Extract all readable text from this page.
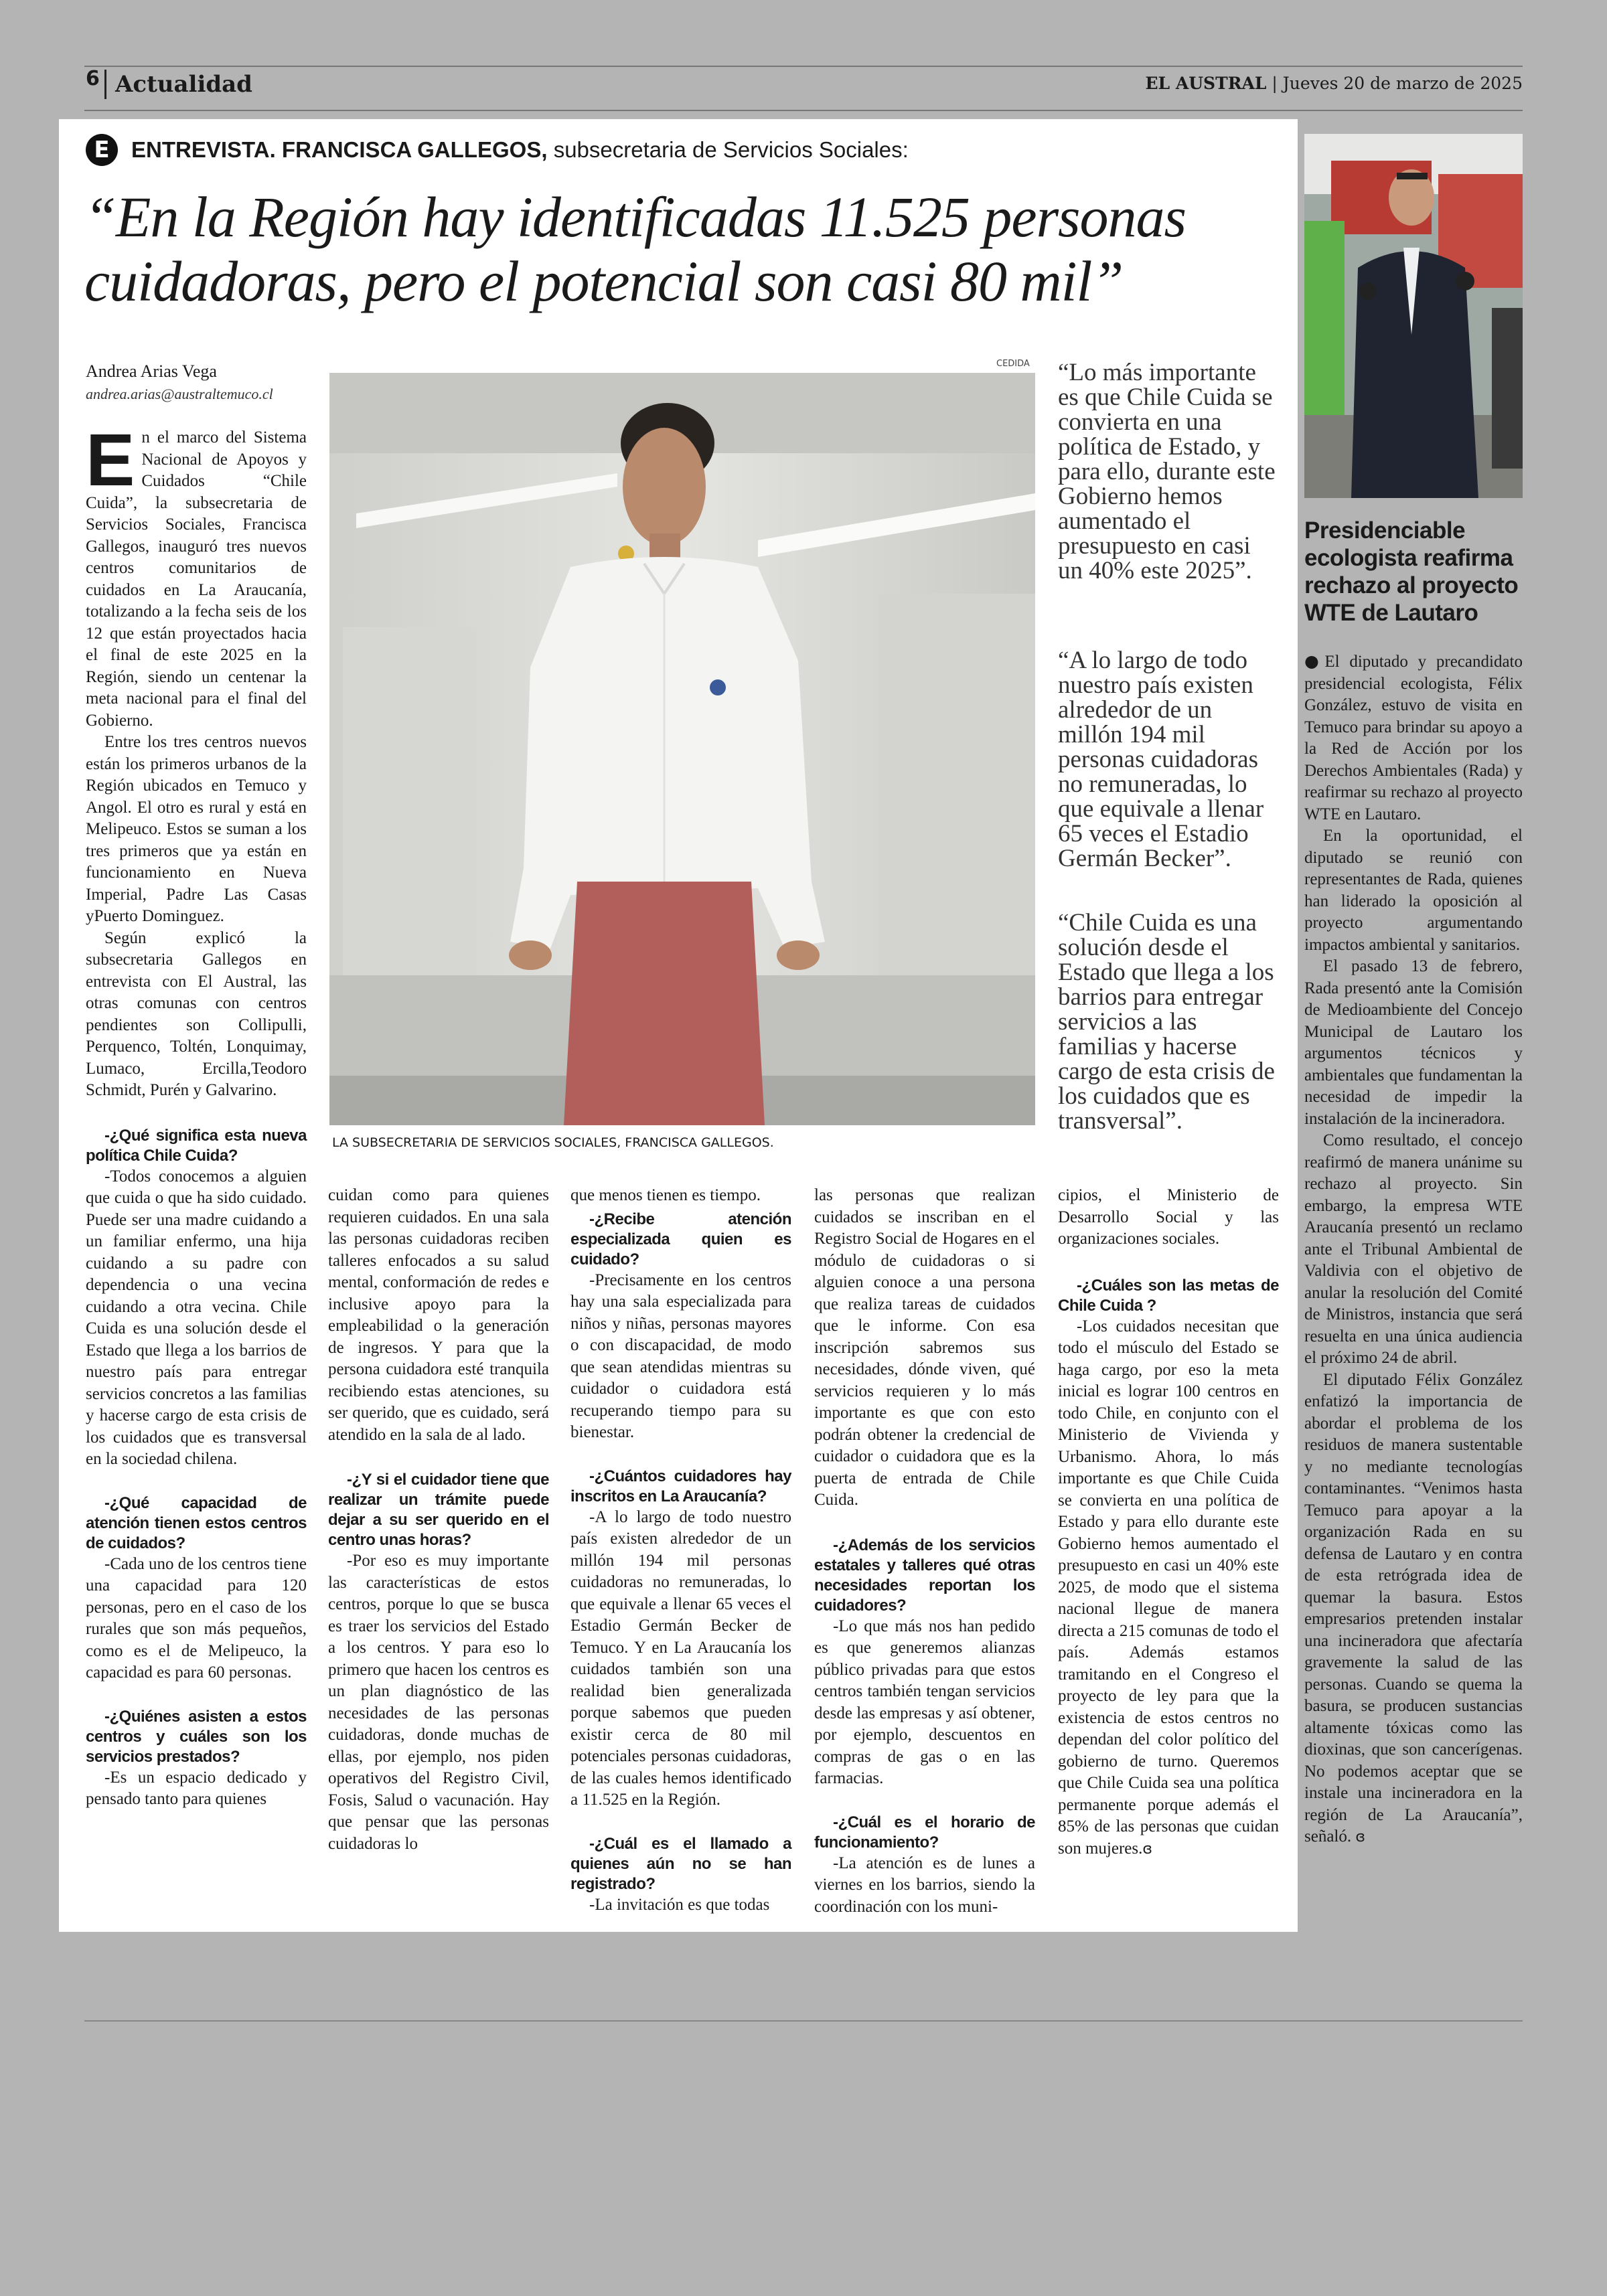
6 Actualidad	EL AUSTRAL | Jueves 20 de marzo de 2025
E ENTREVISTA. FRANCISCA GALLEGOS, subsecretaria de Servicios Sociales:
“En la Región hay identificadas 11.525 personas
cuidadoras, pero el potencial son casi 80 mil”
Andrea Arias Vega
andrea.arias@australtemuco.cl
CEDIDA
LA SUBSECRETARIA DE SERVICIOS SOCIALES, FRANCISCA GALLEGOS.
“Lo más importante es que Chile Cuida se convierta en una política de Estado, y para ello, durante este Gobierno hemos aumentado el presupuesto en casi un 40% este 2025”.
“A lo largo de todo nuestro país existen alrededor de un millón 194 mil personas cuidadoras no remuneradas, lo que equivale a llenar 65 veces el Estadio Germán Becker”.
“Chile Cuida es una solución desde el Estado que llega a los barrios para entregar servicios a las familias y hacerse cargo de esta crisis de los cuidados que es transversal”.

En el marco del Sistema Nacional de Apoyos y Cuidados “Chile Cuida”, la subsecretaria de Servicios Sociales, Francisca Gallegos, inauguró tres nuevos centros comunitarios de cuidados en La Araucanía, totalizando a la fecha seis de los 12 que están proyectados hacia el final de este 2025 en la Región, siendo un centenar la meta nacional para el final del Gobierno.

Entre los tres centros nuevos están los primeros urbanos de la Región ubicados en Temuco y Angol. El otro es rural y está en Melipeuco. Estos se suman a los tres primeros que ya están en funcionamiento en Nueva Imperial, Padre Las Casas yPuerto Dominguez.

Según explicó la subsecretaria Gallegos en entrevista con El Austral, las otras comunas con centros pendientes son Collipulli, Perquenco, Toltén, Lonquimay, Lumaco, Ercilla,Teodoro Schmidt, Purén y Galvarino.

-¿Qué significa esta nueva política Chile Cuida?

-Todos conocemos a alguien que cuida o que ha sido cuidado. Puede ser una madre cuidando a un familiar enfermo, una hija cuidando a su padre con dependencia o una vecina cuidando a otra vecina. Chile Cuida es una solución desde el Estado que llega a los barrios de nuestro país para entregar servicios concretos a las familias y hacerse cargo de esta crisis de los cuidados que es transversal en la sociedad chilena.

-¿Qué capacidad de atención tienen estos centros de cuidados?

-Cada uno de los centros tiene una capacidad para 120 personas, pero en el caso de los rurales que son más pequeños, como es el de Melipeuco, la capacidad es para 60 personas.

-¿Quiénes asisten a estos centros y cuáles son los servicios prestados?

-Es un espacio dedicado y pensado tanto para quienes

cuidan como para quienes requieren cuidados. En una sala las personas cuidadoras reciben talleres enfocados a su salud mental, conformación de redes e inclusive apoyo para la empleabilidad o la generación de ingresos. Y para que la persona cuidadora esté tranquila recibiendo estas atenciones, su ser querido, que es cuidado, será atendido en la sala de al lado.

-¿Y si el cuidador tiene que realizar un trámite puede dejar a su ser querido en el centro unas horas?

-Por eso es muy importante las características de estos centros, porque lo que se busca es traer los servicios del Estado a los centros. Y para eso lo primero que hacen los centros es un plan diagnóstico de las necesidades de las personas cuidadoras, donde muchas de ellas, por ejemplo, nos piden operativos del Registro Civil, Fosis, Salud o vacunación. Hay que pensar que las personas cuidadoras lo

que menos tienen es tiempo.

-¿Recibe atención especializada quien es cuidado?

-Precisamente en los centros hay una sala especializada para niños y niñas, personas mayores o con discapacidad, de modo que sean atendidas mientras su cuidador o cuidadora está recuperando tiempo para su bienestar.

-¿Cuántos cuidadores hay inscritos en La Araucanía?

-A lo largo de todo nuestro país existen alrededor de un millón 194 mil personas cuidadoras no remuneradas, lo que equivale a llenar 65 veces el Estadio Germán Becker de Temuco. Y en La Araucanía los cuidados también son una realidad bien generalizada porque sabemos que pueden existir cerca de 80 mil potenciales personas cuidadoras, de las cuales hemos identificado a 11.525 en la Región.

-¿Cuál es el llamado a quienes aún no se han registrado?

-La invitación es que todas

las personas que realizan cuidados se inscriban en el Registro Social de Hogares en el módulo de cuidadoras o si alguien conoce a una persona que realiza tareas de cuidados que le informe. Con esa inscripción sabremos sus necesidades, dónde viven, qué servicios requieren y lo más importante es que con esto podrán obtener la credencial de cuidador o cuidadora que es la puerta de entrada de Chile Cuida.

-¿Además de los servicios estatales y talleres qué otras necesidades reportan los cuidadores?

-Lo que más nos han pedido es que generemos alianzas público privadas para que estos centros también tengan servicios desde las empresas y así obtener, por ejemplo, descuentos en compras de gas o en las farmacias.

-¿Cuál es el horario de funcionamiento?

-La atención es de lunes a viernes en los barrios, siendo la coordinación con los muni-

cipios, el Ministerio de Desarrollo Social y las organizaciones sociales.

-¿Cuáles son las metas de Chile Cuida ?

-Los cuidados necesitan que todo el músculo del Estado se haga cargo, por eso la meta inicial es lograr 100 centros en todo Chile, en conjunto con el Ministerio de Vivienda y Urbanismo. Ahora, lo más importante es que Chile Cuida se convierta en una política de Estado y para ello durante este Gobierno hemos aumentado el presupuesto en casi un 40% este 2025, de modo que el sistema nacional llegue de manera directa a 215 comunas de todo el país. Además estamos tramitando en el Congreso el proyecto de ley para que la existencia de estos centros no dependan del color político del gobierno de turno. Queremos que Chile Cuida sea una política permanente porque además el 85% de las personas que cuidan son mujeres.ɞ

Presidenciable ecologista reafirma rechazo al proyecto WTE de Lautaro

●El diputado y precandidato presidencial ecologista, Félix González, estuvo de visita en Temuco para brindar su apoyo a la Red de Acción por los Derechos Ambientales (Rada) y reafirmar su rechazo al proyecto WTE en Lautaro.

En la oportunidad, el diputado se reunió con representantes de Rada, quienes han liderado la oposición al proyecto argumentando impactos ambiental y sanitarios.

El pasado 13 de febrero, Rada presentó ante la Comisión de Medioambiente del Concejo Municipal de Lautaro los argumentos técnicos y ambientales que fundamentan la necesidad de impedir la instalación de la incineradora.

Como resultado, el concejo reafirmó de manera unánime su rechazo al proyecto. Sin embargo, la empresa WTE Araucanía presentó un reclamo ante el Tribunal Ambiental de Valdivia con el objetivo de anular la resolución del Comité de Ministros, instancia que será resuelta en una única audiencia el próximo 24 de abril.

El diputado Félix González enfatizó la importancia de abordar el problema de los residuos de manera sustentable y no mediante tecnologías contaminantes. “Venimos hasta Temuco para apoyar a la organización Rada en su defensa de Lautaro y en contra de esta retrógrada idea de quemar la basura. Estos empresarios pretenden instalar una incineradora que afectaría gravemente la salud de las personas. Cuando se quema la basura, se producen sustancias altamente tóxicas como las dioxinas, que son cancerígenas. No podemos aceptar que se instale una incineradora en la región de La Araucanía”, señaló. ɞ
